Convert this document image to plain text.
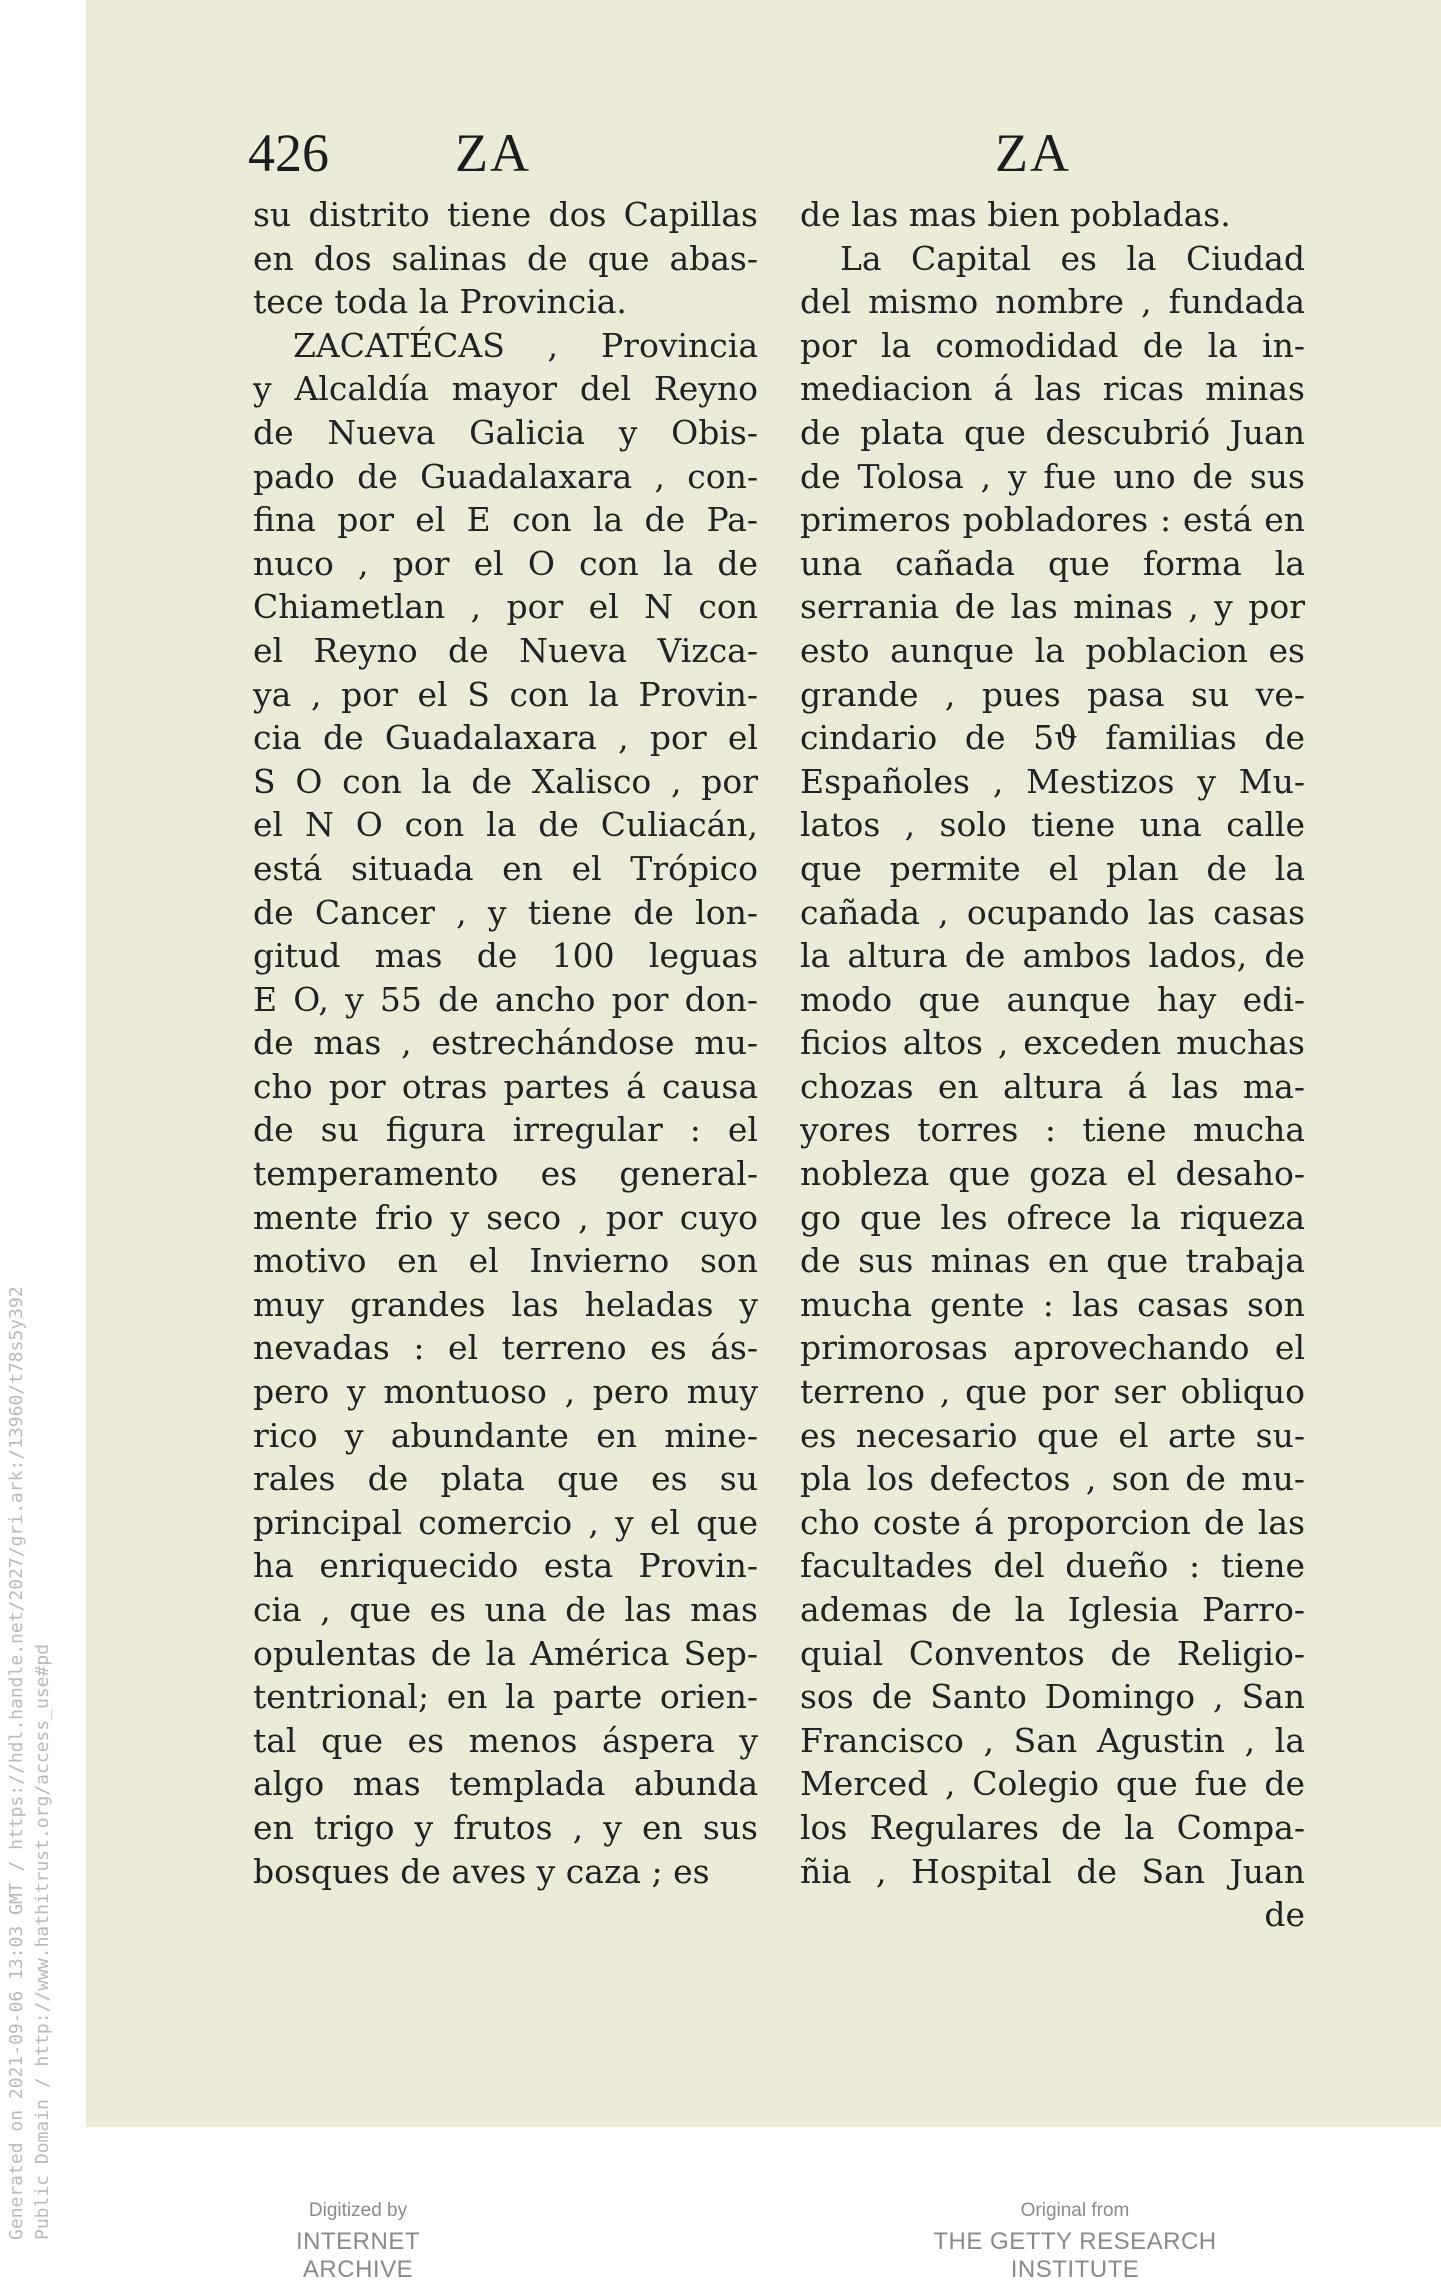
426 ZA	ZA
su distrito tiene dos Capillas
en dos salinas de que abas-
tece toda la Provincia.
ZACATÉCAS , Provincia
y Alcaldía mayor del Reyno
de Nueva Galicia y Obis-
pado de Guadalaxara , con-
fina por el E con la de Pa-
nuco , por el O con la de
Chiametlan , por el N con
el Reyno de Nueva Vizca-
ya , por el S con la Provin-
cia de Guadalaxara , por el
S O con la de Xalisco , por
el N O con la de Culiacán,
está situada en el Trópico
de Cancer , y tiene de lon-
gitud mas de 100 leguas
E O, y 55 de ancho por don-
de mas , estrechándose mu-
cho por otras partes á causa
de su figura irregular : el
temperamento es general-
mente frio y seco , por cuyo
motivo en el Invierno son
muy grandes las heladas y
nevadas : el terreno es ás-
pero y montuoso , pero muy
rico y abundante en mine-
rales de plata que es su
principal comercio , y el que
ha enriquecido esta Provin-
cia , que es una de las mas
opulentas de la América Sep-
tentrional; en la parte orien-
tal que es menos áspera y
algo mas templada abunda
en trigo y frutos , y en sus
bosques de aves y caza ; es
de las mas bien pobladas.
La Capital es la Ciudad
del mismo nombre , fundada
por la comodidad de la in-
mediacion á las ricas minas
de plata que descubrió Juan
de Tolosa , y fue uno de sus
primeros pobladores : está en
una cañada que forma la
serrania de las minas , y por
esto aunque la poblacion es
grande , pues pasa su ve-
cindario de 5ϑ familias de
Españoles , Mestizos y Mu-
latos , solo tiene una calle
que permite el plan de la
cañada , ocupando las casas
la altura de ambos lados, de
modo que aunque hay edi-
ficios altos , exceden muchas
chozas en altura á las ma-
yores torres : tiene mucha
nobleza que goza el desaho-
go que les ofrece la riqueza
de sus minas en que trabaja
mucha gente : las casas son
primorosas aprovechando el
terreno , que por ser obliquo
es necesario que el arte su-
pla los defectos , son de mu-
cho coste á proporcion de las
facultades del dueño : tiene
ademas de la Iglesia Parro-
quial Conventos de Religio-
sos de Santo Domingo , San
Francisco , San Agustin , la
Merced , Colegio que fue de
los Regulares de la Compa-
ñia , Hospital de San Juan
de
Generated on 2021-09-06 13:03 GMT / https://hdl.handle.net/2027/gri.ark:/13960/t78s5y392 Public Domain / http://www.hathitrust.org/access_use#pd	Digitized by
INTERNET ARCHIVE
Original from
THE GETTY RESEARCH INSTITUTE
